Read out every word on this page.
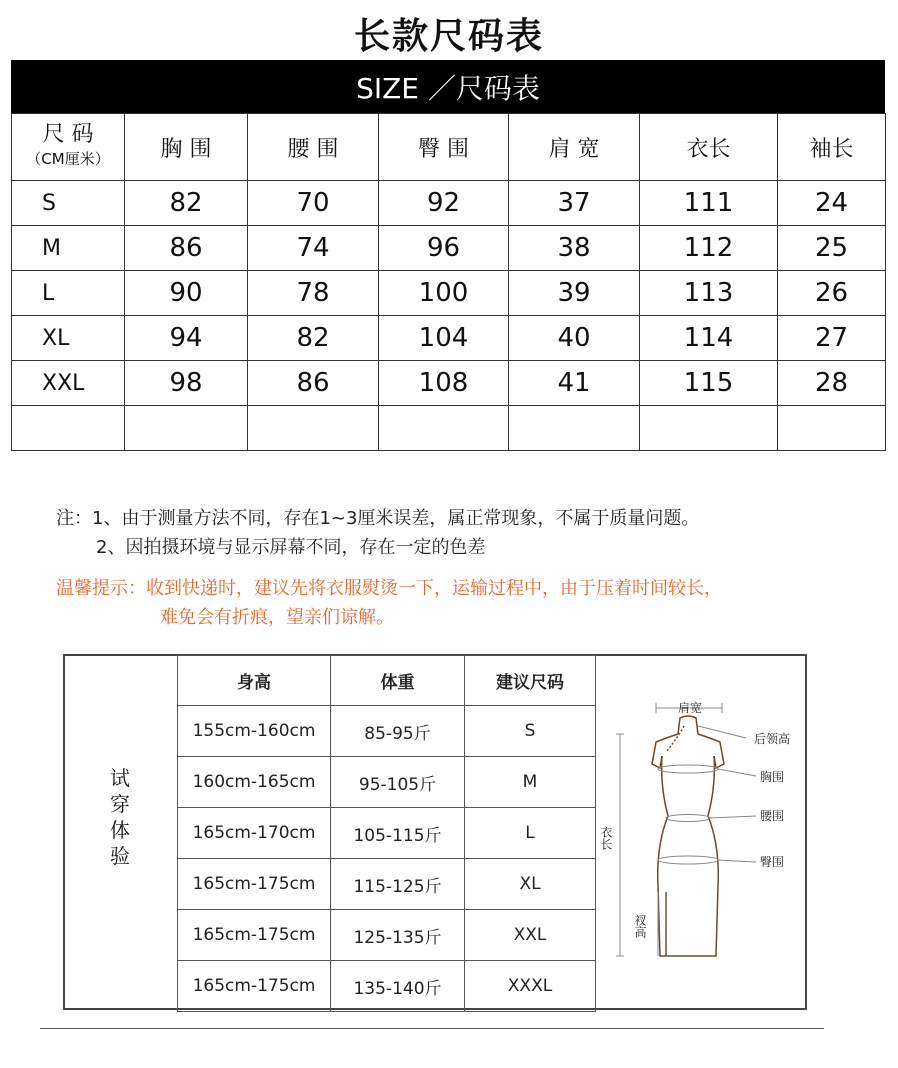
长款尺码表
SIZE ／尺码表
尺 码
（CM厘米）	胸 围	腰 围	臀 围	肩 宽	衣长	袖长
S	82	70	92	37	111	24
M	86	74	96	38	112	25
L	90	78	100	39	113	26
XL	94	82	104	40	114	27
XXL	98	86	108	41	115	28

注：1、由于测量方法不同，存在1~3厘米误差，属正常现象，不属于质量问题。
2、因拍摄环境与显示屏幕不同，存在一定的色差
温馨提示：收到快递时，建议先将衣服熨烫一下，运输过程中，由于压着时间较长，
难免会有折痕，望亲们谅解。
试
穿
体
验
身高	体重	建议尺码
155cm-160cm	85-95斤	S
160cm-165cm	95-105斤	M
165cm-170cm	105-115斤	L
165cm-175cm	115-125斤	XL
165cm-175cm	125-135斤	XXL
165cm-175cm	135-140斤	XXXL
肩宽
后领高
胸围
腰围
臀围
衣长
衩高
